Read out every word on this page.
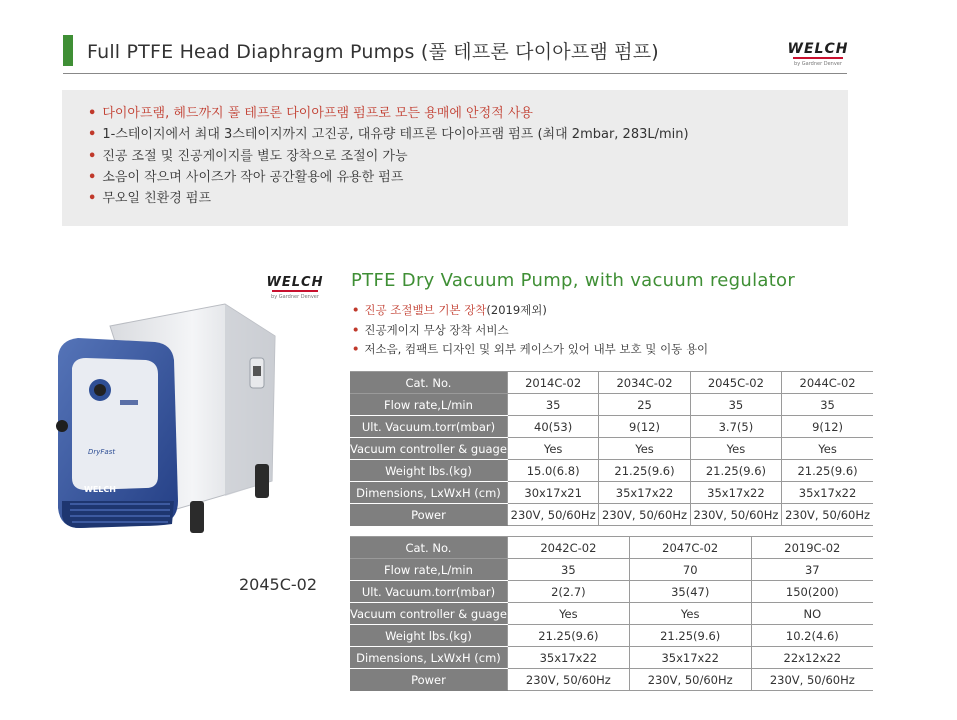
Full PTFE Head Diaphragm Pumps (풀 테프론 다이아프램 펌프)	WELCH
by Gardner Denver
• 다이아프램, 헤드까지 풀 테프론 다이아프램 펌프로 모든 용매에 안정적 사용
• 1-스테이지에서 최대 3스테이지까지 고진공, 대유량 테프론 다이아프램 펌프 (최대 2mbar, 283L/min)
• 진공 조절 및 진공게이지를 별도 장착으로 조절이 가능
• 소음이 작으며 사이즈가 작아 공간활용에 유용한 펌프
• 무오일 친환경 펌프
WELCH
by Gardner Denver
PTFE Dry Vacuum Pump, with vacuum regulator
• 진공 조절밸브 기본 장착(2019제외)
• 진공게이지 무상 장착 서비스
• 저소음, 컴팩트 디자인 및 외부 케이스가 있어 내부 보호 및 이동 용이
DryFast
WELCH
2045C-02
Cat. No.	2014C-02	2034C-02	2045C-02	2044C-02
Flow rate,L/min	35	25	35	35
Ult. Vacuum.torr(mbar)	40(53)	9(12)	3.7(5)	9(12)
Vacuum controller & guage	Yes	Yes	Yes	Yes
Weight lbs.(kg)	15.0(6.8)	21.25(9.6)	21.25(9.6)	21.25(9.6)
Dimensions, LxWxH (cm)	30x17x21	35x17x22	35x17x22	35x17x22
Power	230V, 50/60Hz	230V, 50/60Hz	230V, 50/60Hz	230V, 50/60Hz
Cat. No.	2042C-02	2047C-02	2019C-02
Flow rate,L/min	35	70	37
Ult. Vacuum.torr(mbar)	2(2.7)	35(47)	150(200)
Vacuum controller & guage	Yes	Yes	NO
Weight lbs.(kg)	21.25(9.6)	21.25(9.6)	10.2(4.6)
Dimensions, LxWxH (cm)	35x17x22	35x17x22	22x12x22
Power	230V, 50/60Hz	230V, 50/60Hz	230V, 50/60Hz
